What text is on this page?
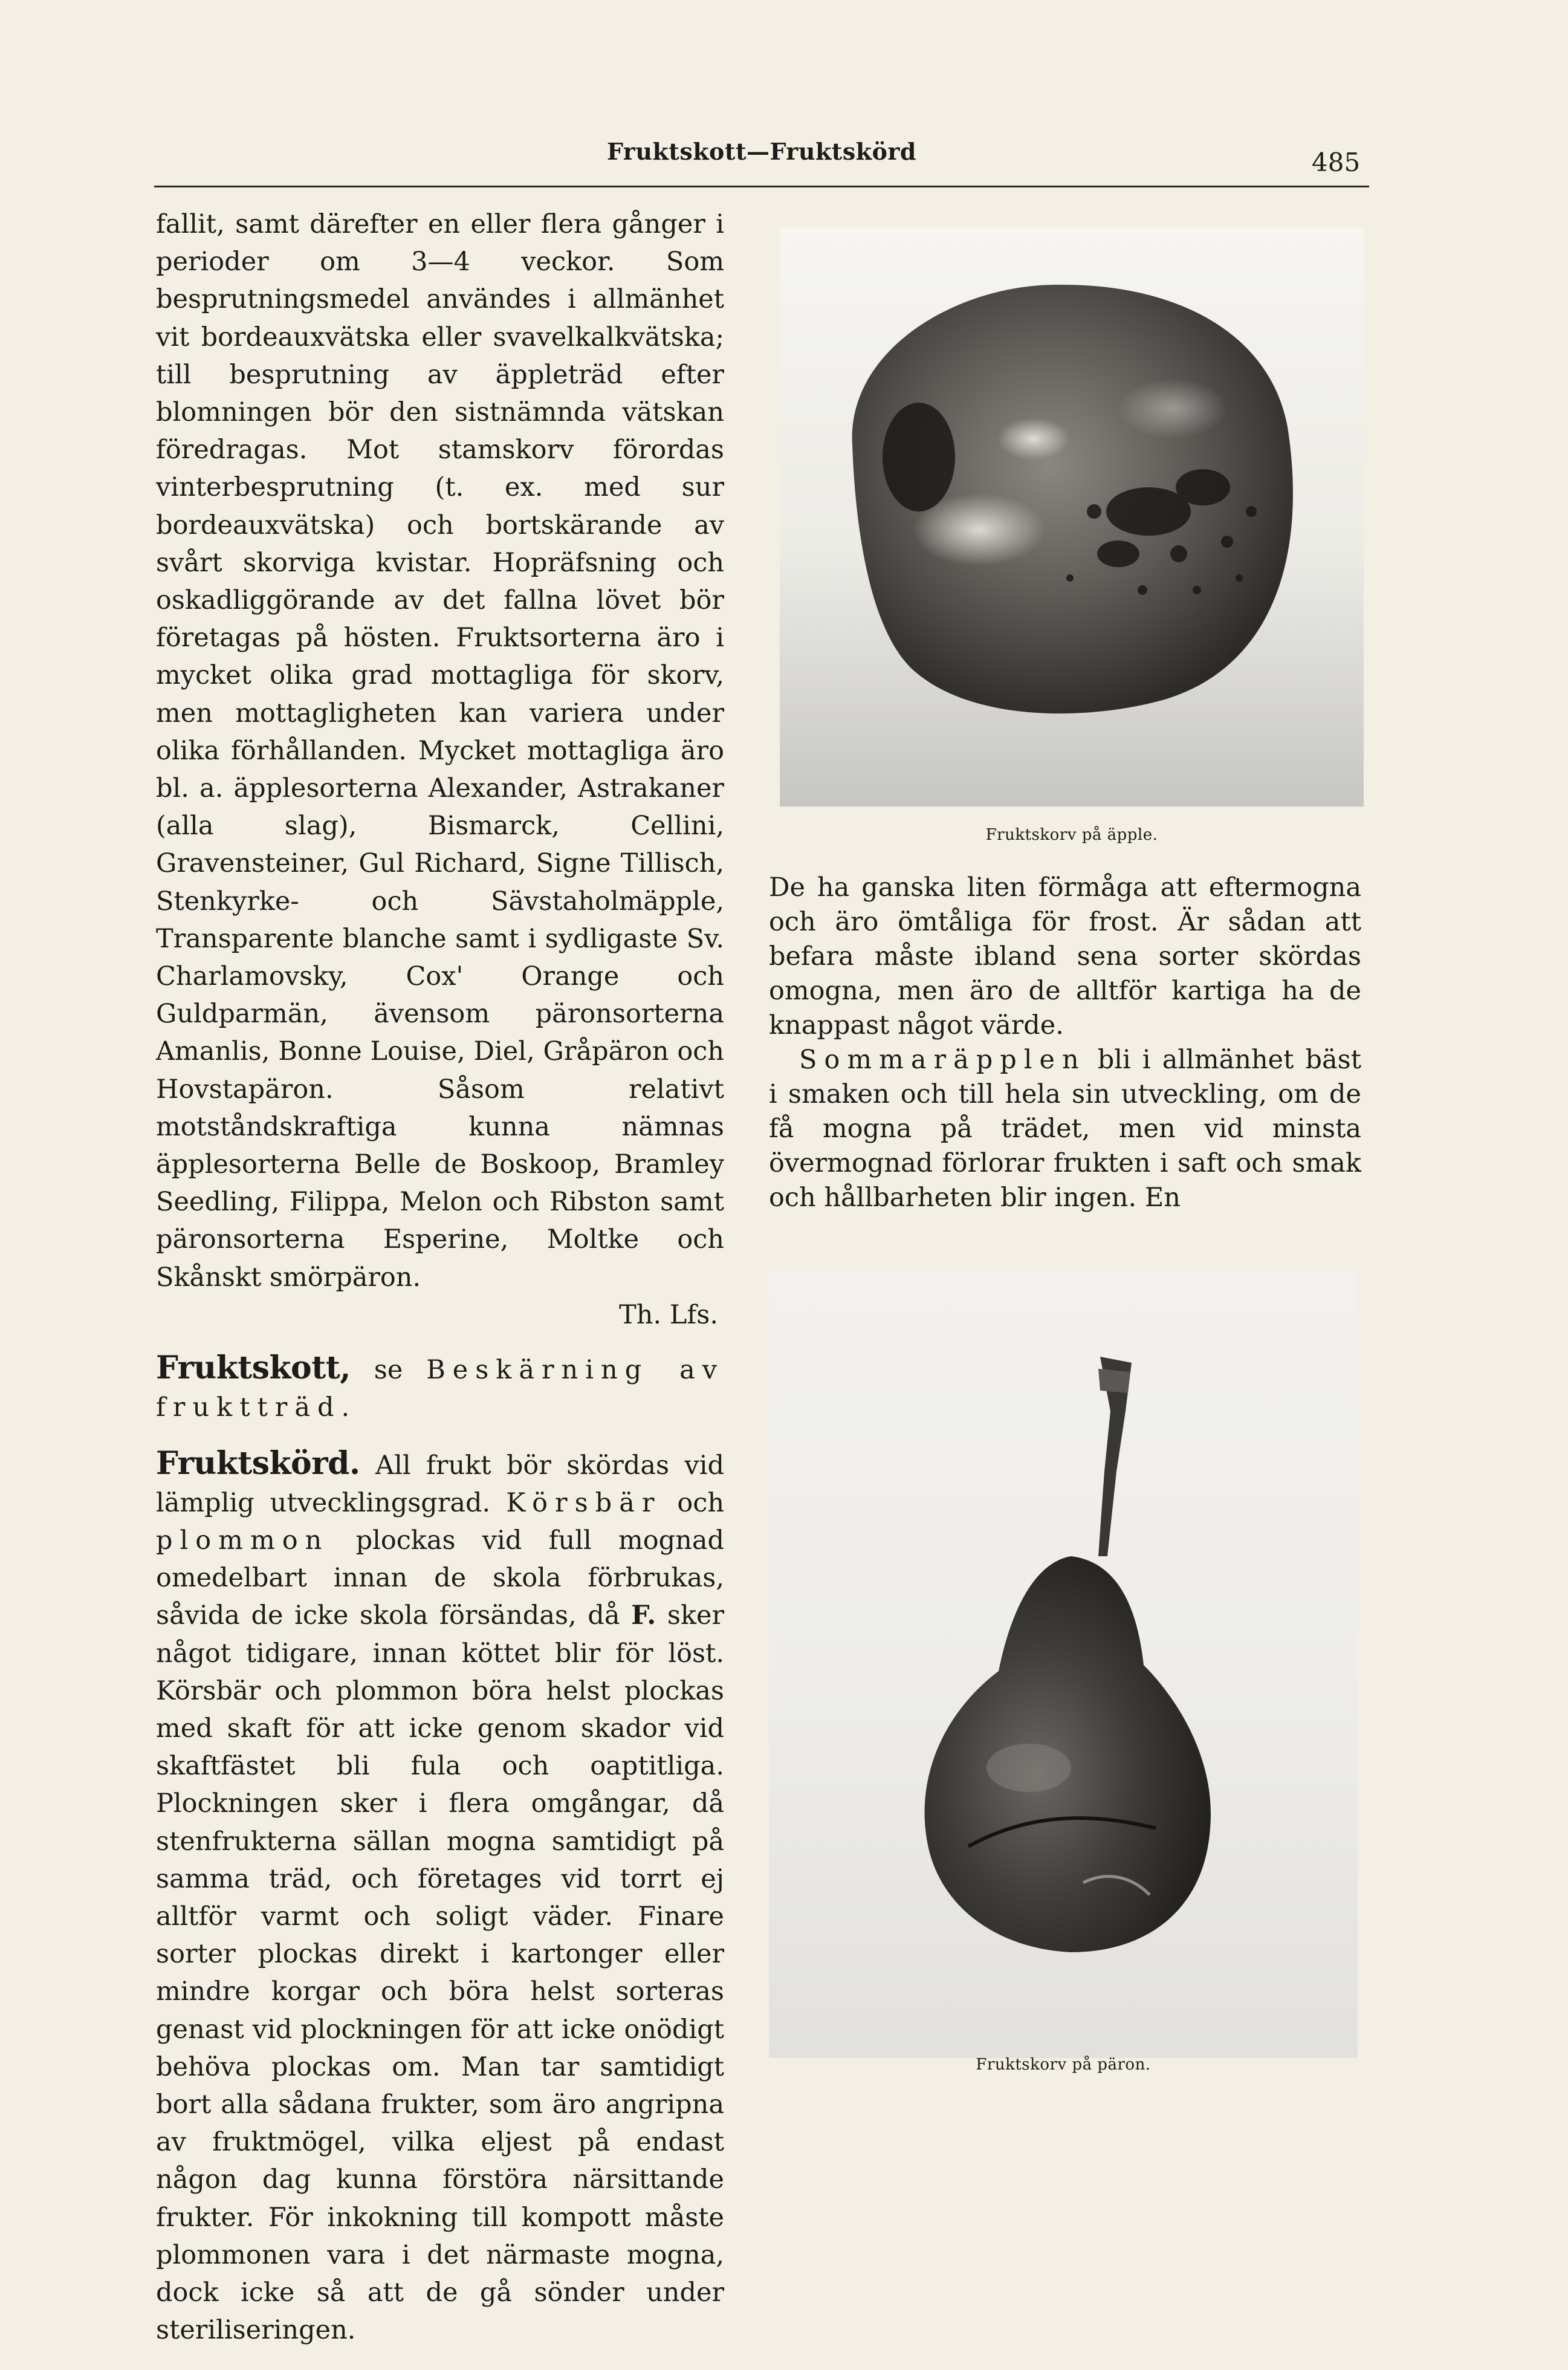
Fruktskott—Fruktskörd	485

fallit, samt därefter en eller flera gånger i perioder om 3—4 veckor. Som besprutningsmedel användes i allmänhet vit bordeauxvätska eller svavelkalkvätska; till besprutning av äppleträd efter blomningen bör den sistnämnda vätskan föredragas. Mot stamskorv förordas vinterbesprutning (t. ex. med sur bordeauxvätska) och bortskärande av svårt skorviga kvistar. Hopräfsning och oskadliggörande av det fallna lövet bör företagas på hösten. Fruktsorterna äro i mycket olika grad mottagliga för skorv, men mottagligheten kan variera under olika förhållanden. Mycket mottagliga äro bl. a. äpplesorterna Alexander, Astrakaner (alla slag), Bismarck, Cellini, Gravensteiner, Gul Richard, Signe Tillisch, Stenkyrke- och Sävstaholmäpple, Transparente blanche samt i sydligaste Sv. Charlamovsky, Cox' Orange och Guldparmän, ävensom päronsorterna Amanlis, Bonne Louise, Diel, Gråpäron och Hovstapäron. Såsom relativt motståndskraftiga kunna nämnas äpplesorterna Belle de Boskoop, Bramley Seedling, Filippa, Melon och Ribston samt päronsorterna Esperine, Moltke och Skånskt smörpäron.

Th. Lfs.

Fruktskott, se Beskärning av fruktträd.

Fruktskörd. All frukt bör skördas vid lämplig utvecklingsgrad. Körsbär och plommon plockas vid full mognad omedelbart innan de skola förbrukas, såvida de icke skola försändas, då F. sker något tidigare, innan köttet blir för löst. Körsbär och plommon böra helst plockas med skaft för att icke genom skador vid skaftfästet bli fula och oaptitliga. Plockningen sker i flera omgångar, då stenfrukterna sällan mogna samtidigt på samma träd, och företages vid torrt ej alltför varmt och soligt väder. Finare sorter plockas direkt i kartonger eller mindre korgar och böra helst sorteras genast vid plockningen för att icke onödigt behöva plockas om. Man tar samtidigt bort alla sådana frukter, som äro angripna av fruktmögel, vilka eljest på endast någon dag kunna förstöra närsittande frukter. För inkokning till kompott måste plommonen vara i det närmaste mogna, dock icke så att de gå sönder under steriliseringen.

Fruktskorv på äpple.

De ha ganska liten förmåga att eftermogna och äro ömtåliga för frost. Är sådan att befara måste ibland sena sorter skördas omogna, men äro de alltför kartiga ha de knappast något värde.

Sommaräpplen bli i allmänhet bäst i smaken och till hela sin utveckling, om de få mogna på trädet, men vid minsta övermognad förlorar frukten i saft och smak och hållbarheten blir ingen. En

Fruktskorv på päron.
